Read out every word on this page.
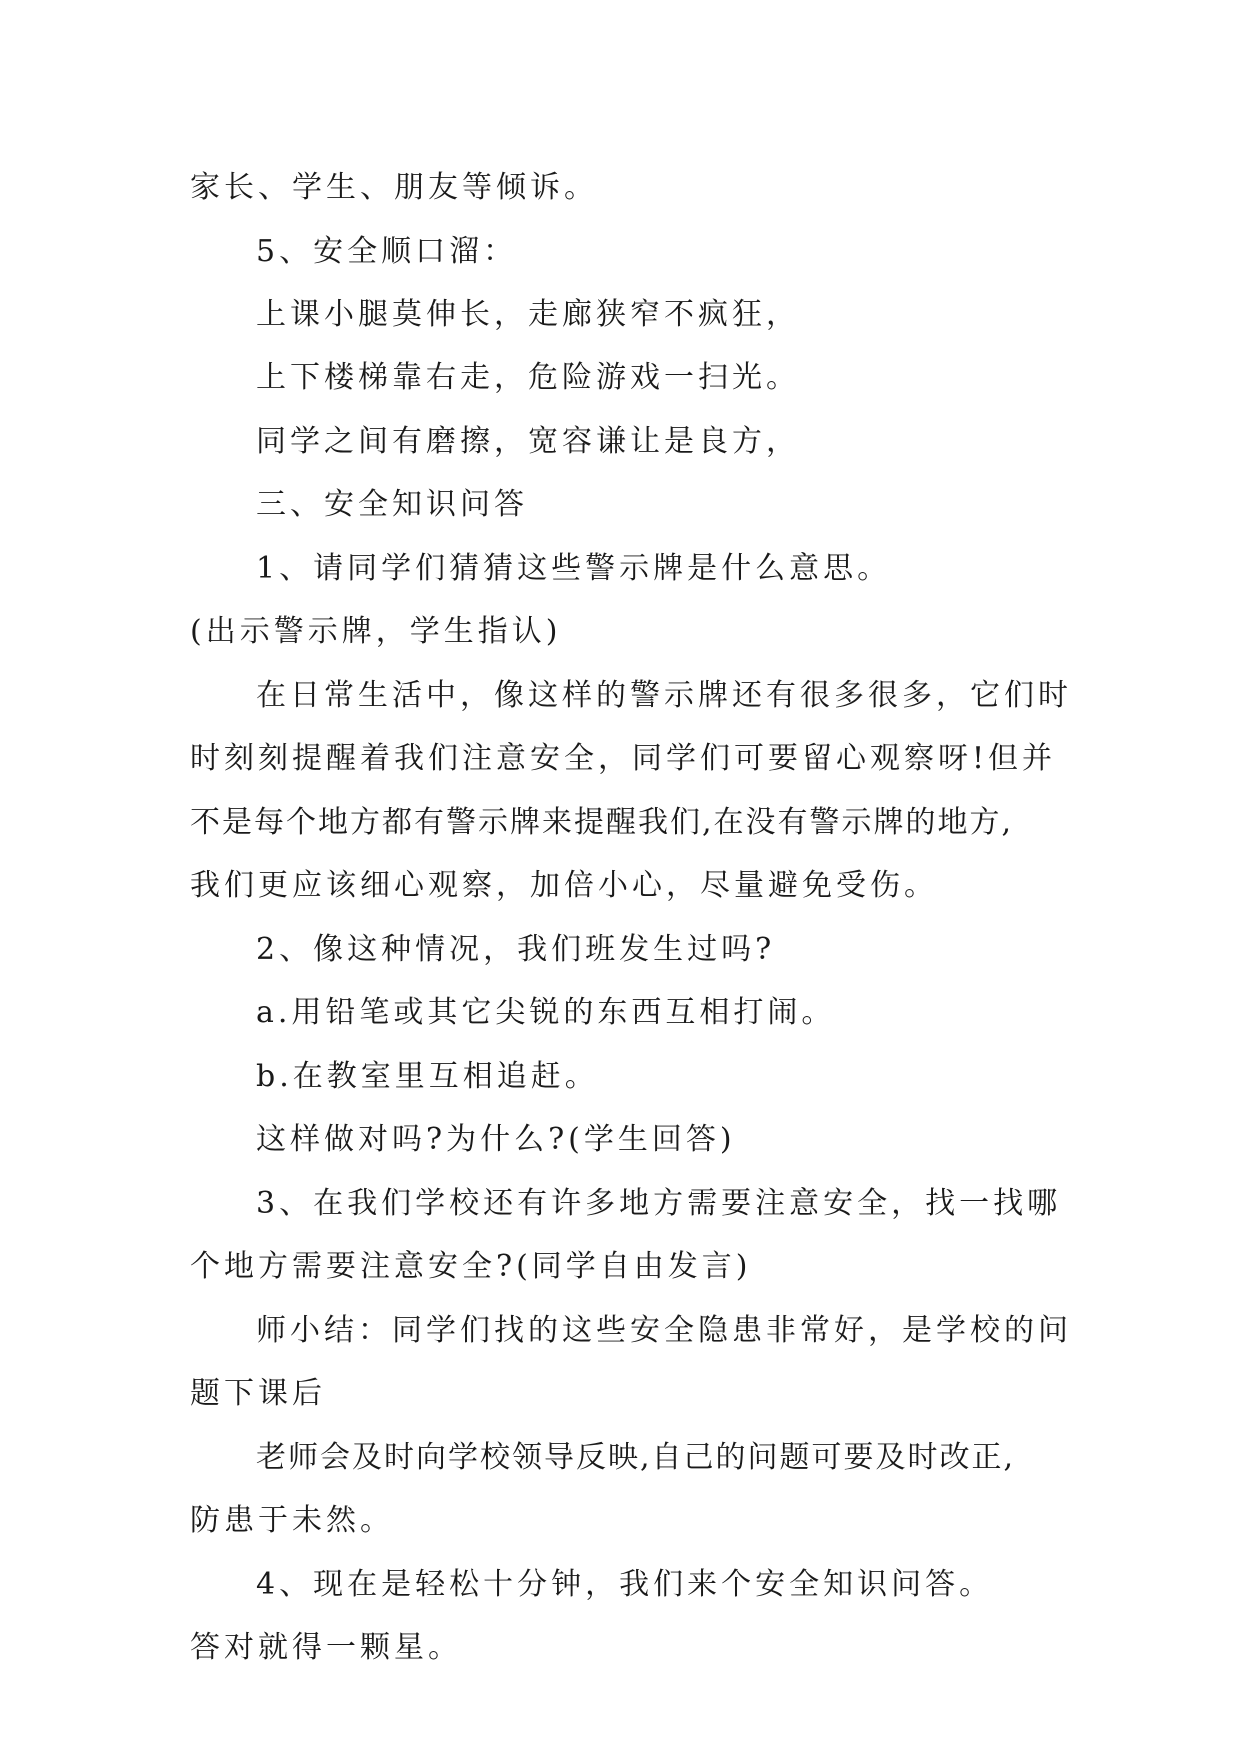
家长、学生、朋友等倾诉。
5、安全顺口溜：
上课小腿莫伸长，走廊狭窄不疯狂，
上下楼梯靠右走，危险游戏一扫光。
同学之间有磨擦，宽容谦让是良方，
三、安全知识问答
1、请同学们猜猜这些警示牌是什么意思。
(出示警示牌，学生指认)
在日常生活中，像这样的警示牌还有很多很多，它们时
时刻刻提醒着我们注意安全，同学们可要留心观察呀!但并
不是每个地方都有警示牌来提醒我们,在没有警示牌的地方,
我们更应该细心观察，加倍小心，尽量避免受伤。
2、像这种情况，我们班发生过吗?
a.用铅笔或其它尖锐的东西互相打闹。
b.在教室里互相追赶。
这样做对吗?为什么?(学生回答)
3、在我们学校还有许多地方需要注意安全，找一找哪
个地方需要注意安全?(同学自由发言)
师小结：同学们找的这些安全隐患非常好，是学校的问
题下课后
老师会及时向学校领导反映,自己的问题可要及时改正,
防患于未然。
4、现在是轻松十分钟，我们来个安全知识问答。
答对就得一颗星。
